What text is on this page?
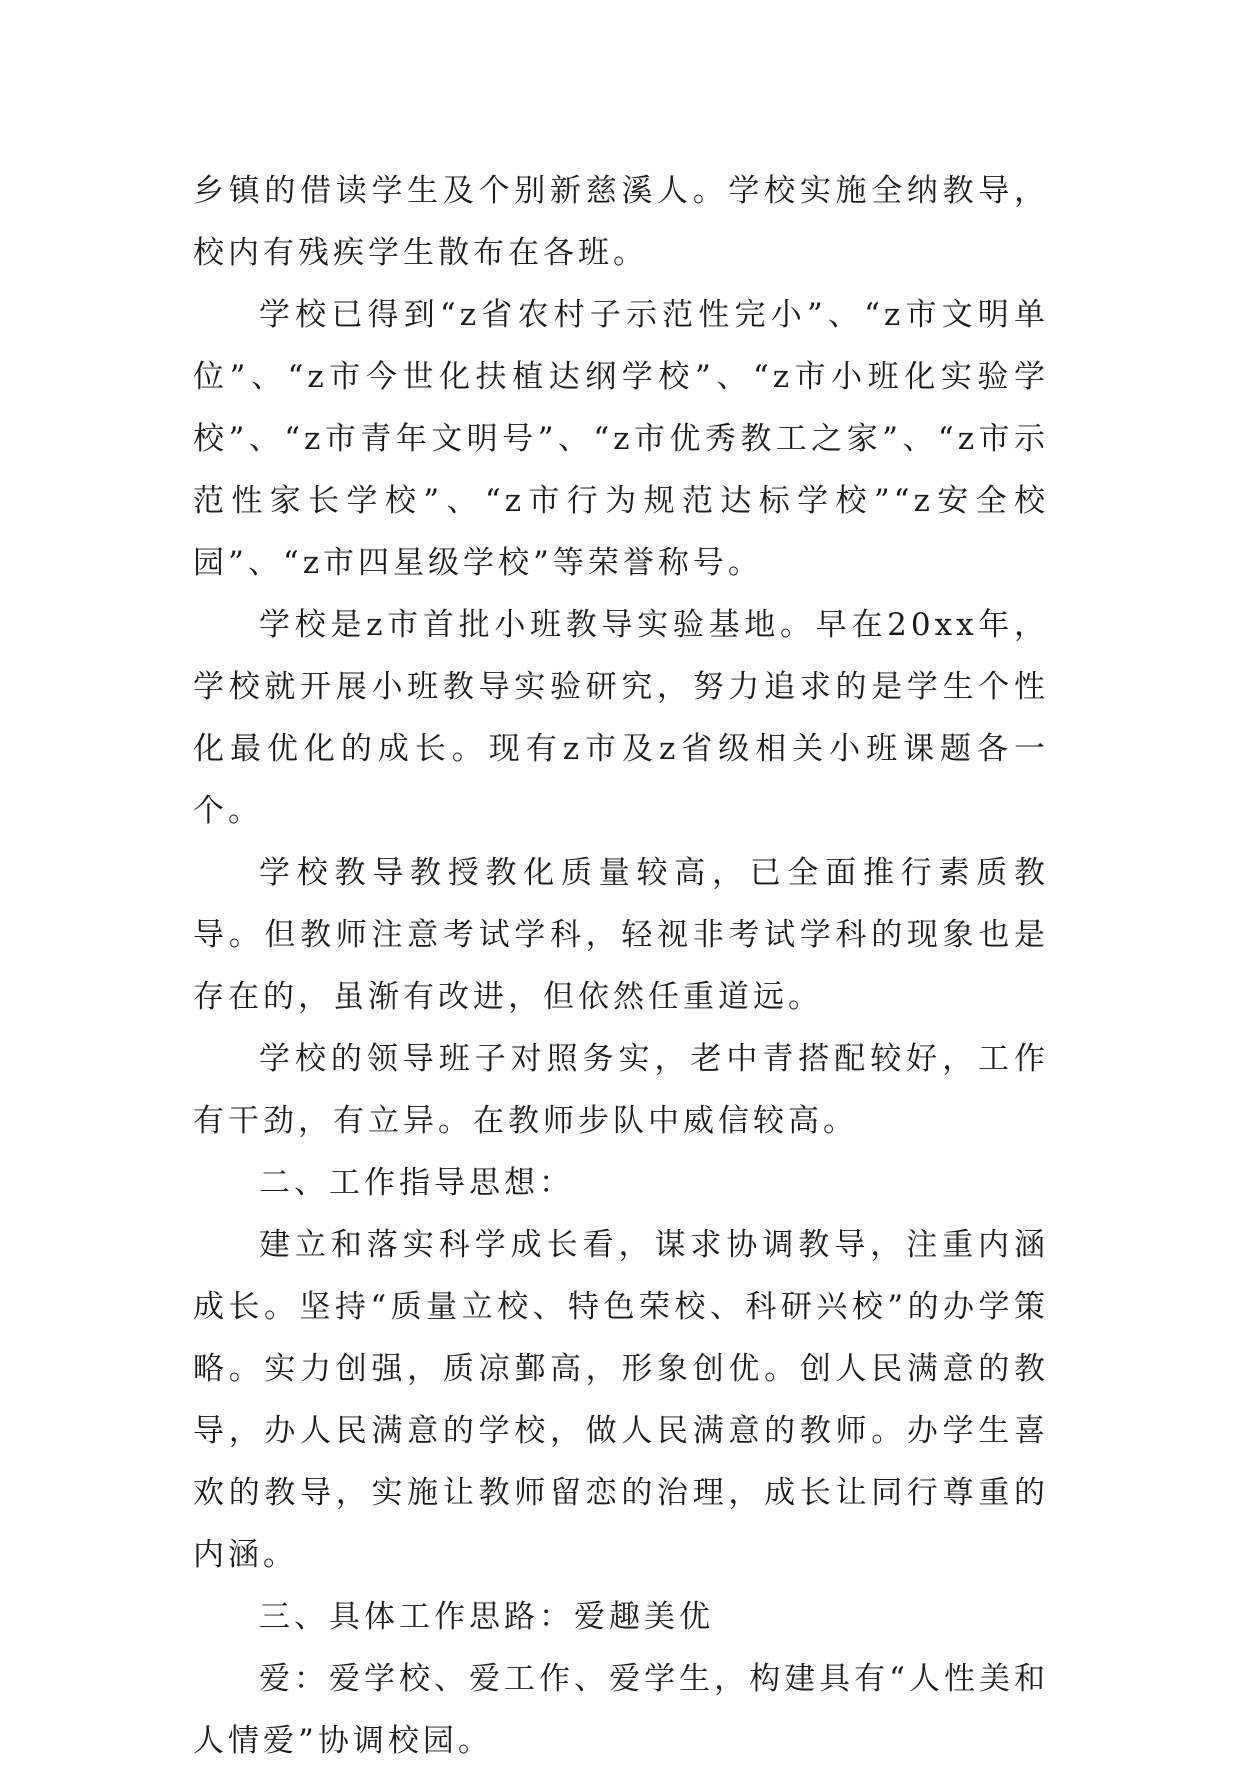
乡镇的借读学生及个别新慈溪人。学校实施全纳教导，校内有残疾学生散布在各班。

学校已得到“z省农村子示范性完小”、“z市文明单位”、“z市今世化扶植达纲学校”、“z市小班化实验学校”、“z市青年文明号”、“z市优秀教工之家”、“z市示范性家长学校”、“z市行为规范达标学校”“z安全校园”、“z市四星级学校”等荣誉称号。

学校是z市首批小班教导实验基地。早在20xx年，学校就开展小班教导实验研究，努力追求的是学生个性化最优化的成长。现有z市及z省级相关小班课题各一个。

学校教导教授教化质量较高，已全面推行素质教导。但教师注意考试学科，轻视非考试学科的现象也是存在的，虽渐有改进，但依然任重道远。

学校的领导班子对照务实，老中青搭配较好，工作有干劲，有立异。在教师步队中威信较高。

二、工作指导思想：

建立和落实科学成长看，谋求协调教导，注重内涵成长。坚持“质量立校、特色荣校、科研兴校”的办学策略。实力创强，质凉鄞高，形象创优。创人民满意的教导，办人民满意的学校，做人民满意的教师。办学生喜欢的教导，实施让教师留恋的治理，成长让同行尊重的内涵。

三、具体工作思路：爱趣美优

爱：爱学校、爱工作、爱学生，构建具有“人性美和人情爱”协调校园。
